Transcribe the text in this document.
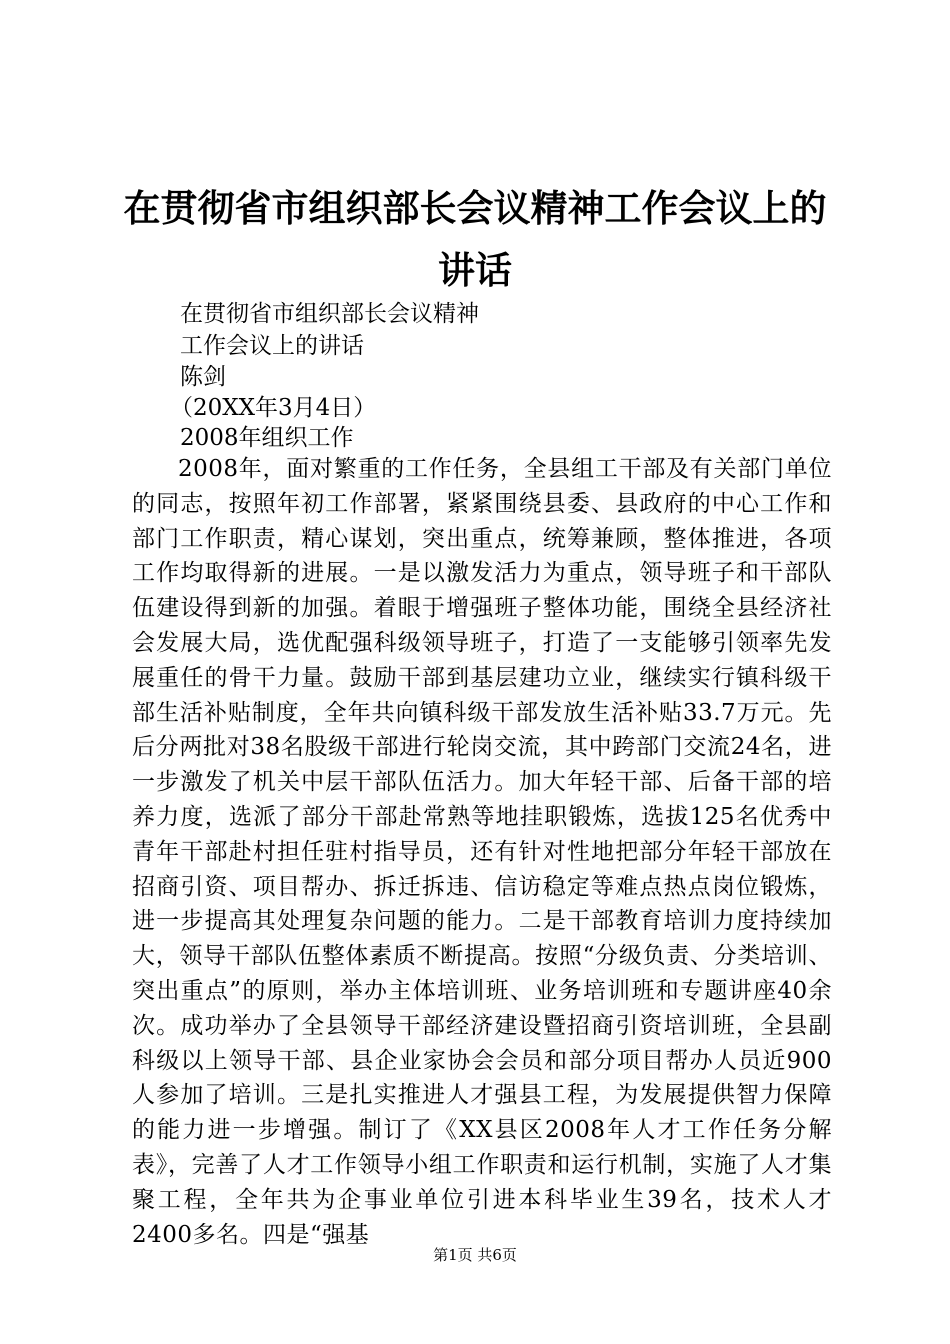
在贯彻省市组织部长会议精神工作会议上的讲话

在贯彻省市组织部长会议精神

工作会议上的讲话

陈剑

（20XX年3月4日）

2008年组织工作

2008年，面对繁重的工作任务，全县组工干部及有关部门单位的同志，按照年初工作部署，紧紧围绕县委、县政府的中心工作和部门工作职责，精心谋划，突出重点，统筹兼顾，整体推进，各项工作均取得新的进展。一是以激发活力为重点，领导班子和干部队伍建设得到新的加强。着眼于增强班子整体功能，围绕全县经济社会发展大局，选优配强科级领导班子，打造了一支能够引领率先发展重任的骨干力量。鼓励干部到基层建功立业，继续实行镇科级干部生活补贴制度，全年共向镇科级干部发放生活补贴33.7万元。先后分两批对38名股级干部进行轮岗交流，其中跨部门交流24名，进一步激发了机关中层干部队伍活力。加大年轻干部、后备干部的培养力度，选派了部分干部赴常熟等地挂职锻炼，选拔125名优秀中青年干部赴村担任驻村指导员，还有针对性地把部分年轻干部放在招商引资、项目帮办、拆迁拆违、信访稳定等难点热点岗位锻炼，进一步提高其处理复杂问题的能力。二是干部教育培训力度持续加大，领导干部队伍整体素质不断提高。按照“分级负责、分类培训、突出重点”的原则，举办主体培训班、业务培训班和专题讲座40余次。成功举办了全县领导干部经济建设暨招商引资培训班，全县副科级以上领导干部、县企业家协会会员和部分项目帮办人员近900人参加了培训。三是扎实推进人才强县工程，为发展提供智力保障的能力进一步增强。制订了《XX县区2008年人才工作任务分解表》，完善了人才工作领导小组工作职责和运行机制，实施了人才集聚工程，全年共为企事业单位引进本科毕业生39名，技术人才2400多名。四是“强基

第1页 共6页
